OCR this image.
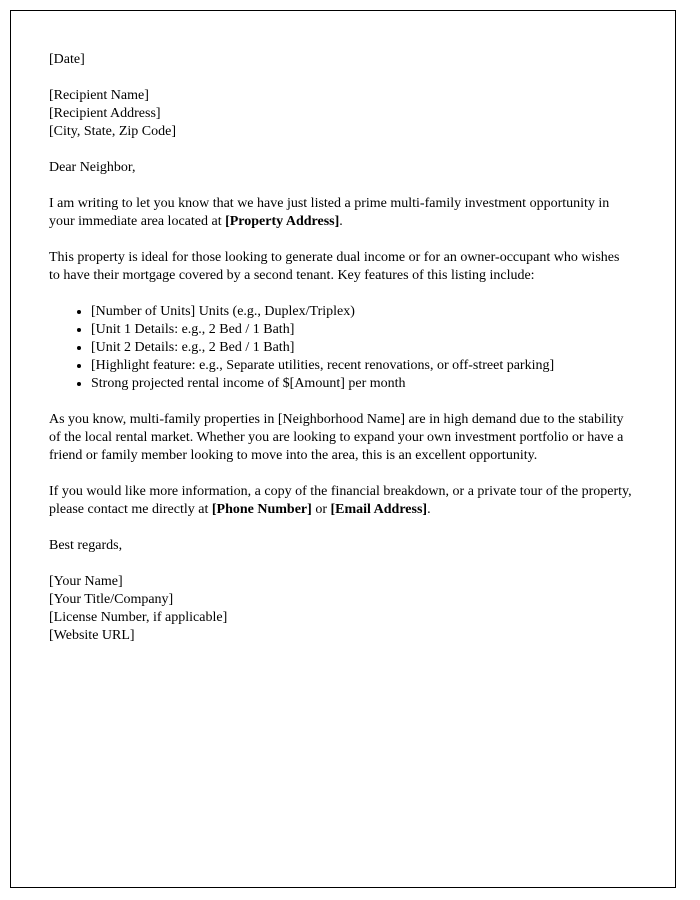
[Date]
[Recipient Name]
[Recipient Address]
[City, State, Zip Code]
Dear Neighbor,
I am writing to let you know that we have just listed a prime multi-family investment opportunity in your immediate area located at [Property Address].
This property is ideal for those looking to generate dual income or for an owner-occupant who wishes to have their mortgage covered by a second tenant. Key features of this listing include:
• [Number of Units] Units (e.g., Duplex/Triplex)
• [Unit 1 Details: e.g., 2 Bed / 1 Bath]
• [Unit 2 Details: e.g., 2 Bed / 1 Bath]
• [Highlight feature: e.g., Separate utilities, recent renovations, or off-street parking]
• Strong projected rental income of $[Amount] per month
As you know, multi-family properties in [Neighborhood Name] are in high demand due to the stability of the local rental market. Whether you are looking to expand your own investment portfolio or have a friend or family member looking to move into the area, this is an excellent opportunity.
If you would like more information, a copy of the financial breakdown, or a private tour of the property, please contact me directly at [Phone Number] or [Email Address].
Best regards,
[Your Name]
[Your Title/Company]
[License Number, if applicable]
[Website URL]
